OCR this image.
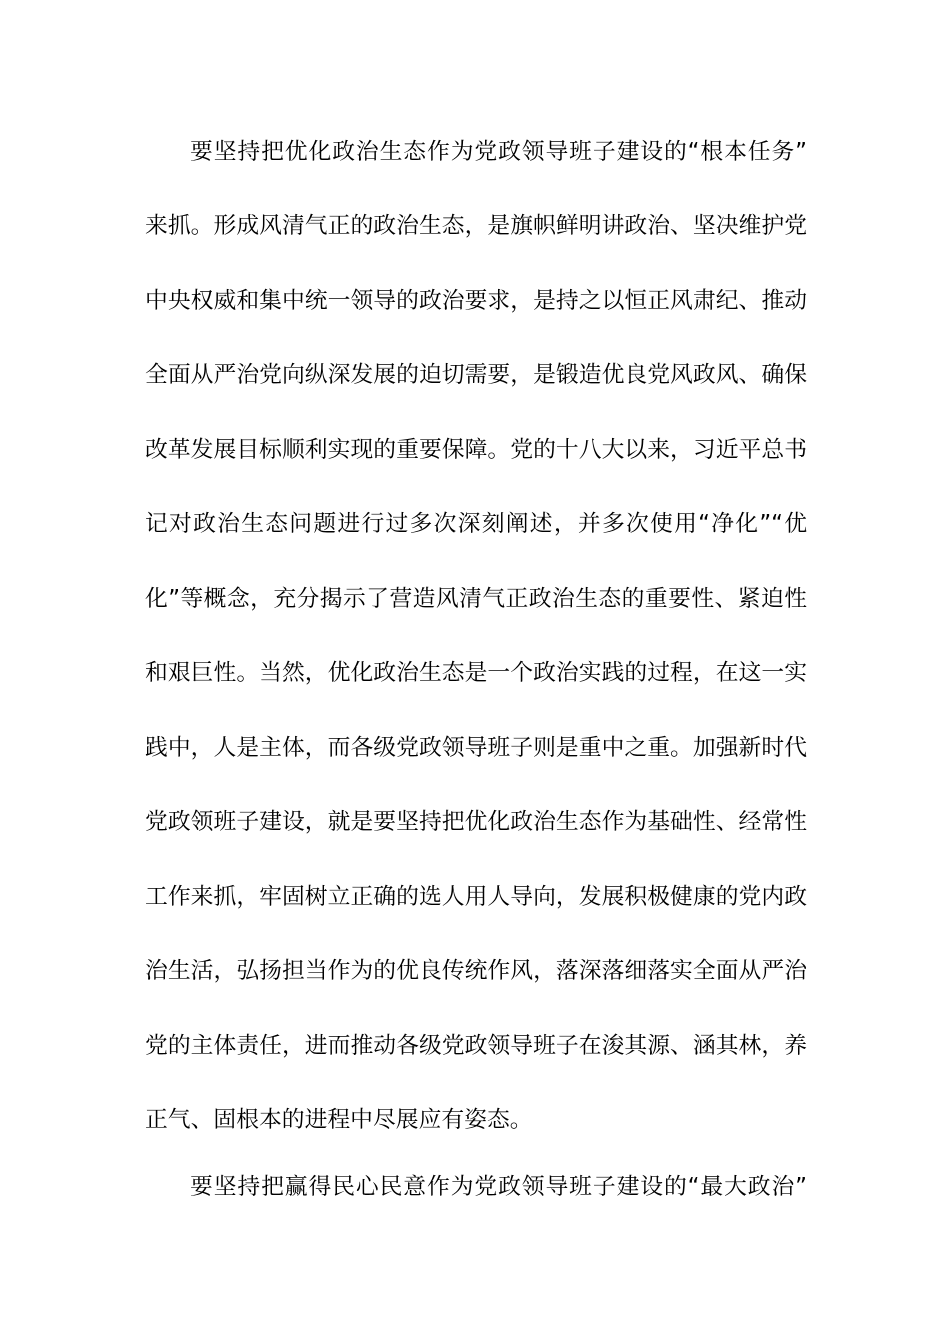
要坚持把优化政治生态作为党政领导班子建设的“根本任务”
来抓。形成风清气正的政治生态，是旗帜鲜明讲政治、坚决维护党
中央权威和集中统一领导的政治要求，是持之以恒正风肃纪、推动
全面从严治党向纵深发展的迫切需要，是锻造优良党风政风、确保
改革发展目标顺利实现的重要保障。党的十八大以来，习近平总书
记对政治生态问题进行过多次深刻阐述，并多次使用“净化”“优
化”等概念，充分揭示了营造风清气正政治生态的重要性、紧迫性
和艰巨性。当然，优化政治生态是一个政治实践的过程，在这一实
践中，人是主体，而各级党政领导班子则是重中之重。加强新时代
党政领班子建设，就是要坚持把优化政治生态作为基础性、经常性
工作来抓，牢固树立正确的选人用人导向，发展积极健康的党内政
治生活，弘扬担当作为的优良传统作风，落深落细落实全面从严治
党的主体责任，进而推动各级党政领导班子在浚其源、涵其林，养
正气、固根本的进程中尽展应有姿态。
要坚持把赢得民心民意作为党政领导班子建设的“最大政治”
